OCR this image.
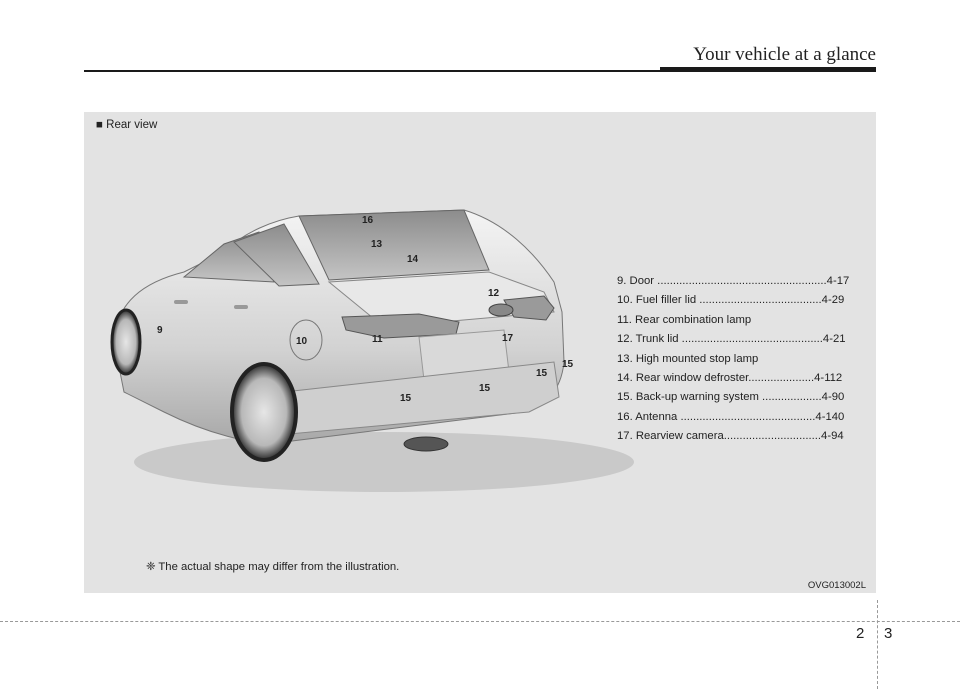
Your vehicle at a glance
■ Rear view
9
10	11
12
13
14
15
15
15
15
16
17
9. Door ......................................................4-17
10. Fuel filler lid .......................................4-29
11. Rear combination lamp
12. Trunk lid .............................................4-21
13. High mounted stop lamp
14. Rear window defroster.....................4-112
15. Back-up warning system ...................4-90
16. Antenna ...........................................4-140
17. Rearview camera...............................4-94
❈ The actual shape may differ from the illustration.
OVG013002L
2 3
